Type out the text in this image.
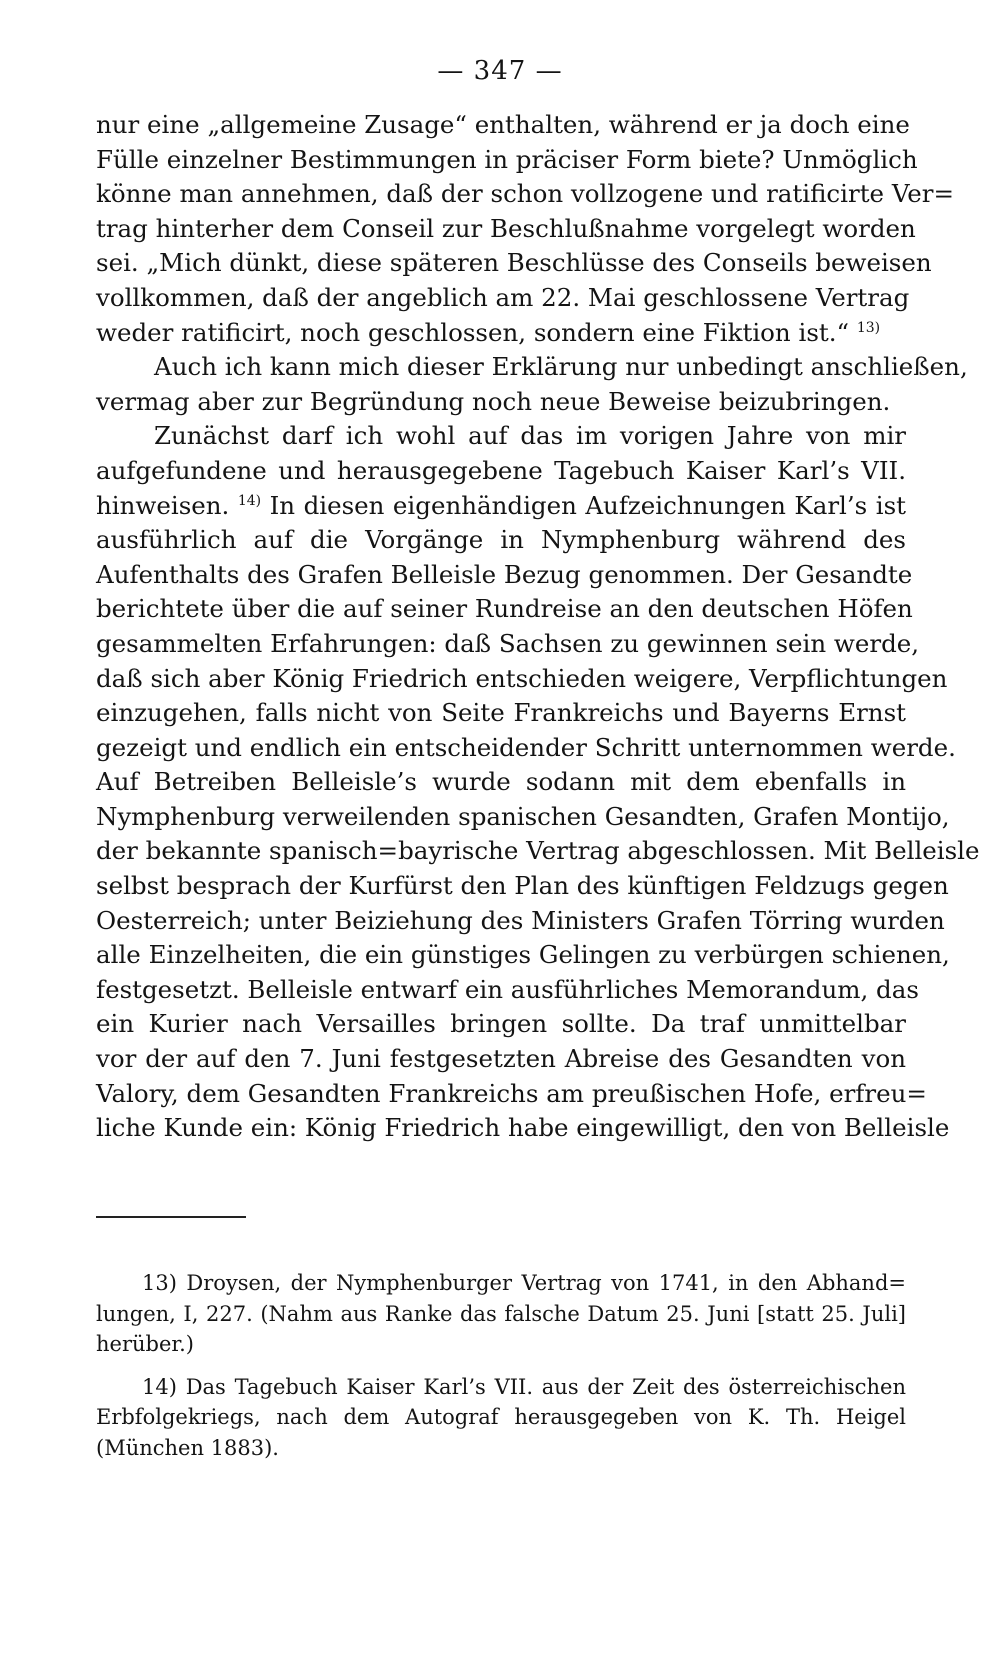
— 347 —
nur eine „allgemeine Zusage“ enthalten, während er ja doch eine
Fülle einzelner Bestimmungen in präciser Form biete? Unmöglich
könne man annehmen, daß der schon vollzogene und ratificirte Ver=
trag hinterher dem Conseil zur Beschlußnahme vorgelegt worden
sei. „Mich dünkt, diese späteren Beschlüsse des Conseils beweisen
vollkommen, daß der angeblich am 22. Mai geschlossene Vertrag
weder ratificirt, noch geschlossen, sondern eine Fiktion ist.“ $^{13)}$
Auch ich kann mich dieser Erklärung nur unbedingt anschließen,
vermag aber zur Begründung noch neue Beweise beizubringen.
Zunächst darf ich wohl auf das im vorigen Jahre von mir
aufgefundene und herausgegebene Tagebuch Kaiser Karl’s VII.
hinweisen. $^{14)}$ In diesen eigenhändigen Aufzeichnungen Karl’s ist
ausführlich auf die Vorgänge in Nymphenburg während des
Aufenthalts des Grafen Belleisle Bezug genommen. Der Gesandte
berichtete über die auf seiner Rundreise an den deutschen Höfen
gesammelten Erfahrungen: daß Sachsen zu gewinnen sein werde,
daß sich aber König Friedrich entschieden weigere, Verpflichtungen
einzugehen, falls nicht von Seite Frankreichs und Bayerns Ernst
gezeigt und endlich ein entscheidender Schritt unternommen werde.
Auf Betreiben Belleisle’s wurde sodann mit dem ebenfalls in
Nymphenburg verweilenden spanischen Gesandten, Grafen Montijo,
der bekannte spanisch=bayrische Vertrag abgeschlossen. Mit Belleisle
selbst besprach der Kurfürst den Plan des künftigen Feldzugs gegen
Oesterreich; unter Beiziehung des Ministers Grafen Törring wurden
alle Einzelheiten, die ein günstiges Gelingen zu verbürgen schienen,
festgesetzt. Belleisle entwarf ein ausführliches Memorandum, das
ein Kurier nach Versailles bringen sollte. Da traf unmittelbar
vor der auf den 7. Juni festgesetzten Abreise des Gesandten von
Valory, dem Gesandten Frankreichs am preußischen Hofe, erfreu=
liche Kunde ein: König Friedrich habe eingewilligt, den von Belleisle
13) Droysen, der Nymphenburger Vertrag von 1741, in den Abhand=
lungen, I, 227. (Nahm aus Ranke das falsche Datum 25. Juni [statt 25. Juli]
herüber.)
14) Das Tagebuch Kaiser Karl’s VII. aus der Zeit des österreichischen
Erbfolgekriegs, nach dem Autograf herausgegeben von K. Th. Heigel
(München 1883).
